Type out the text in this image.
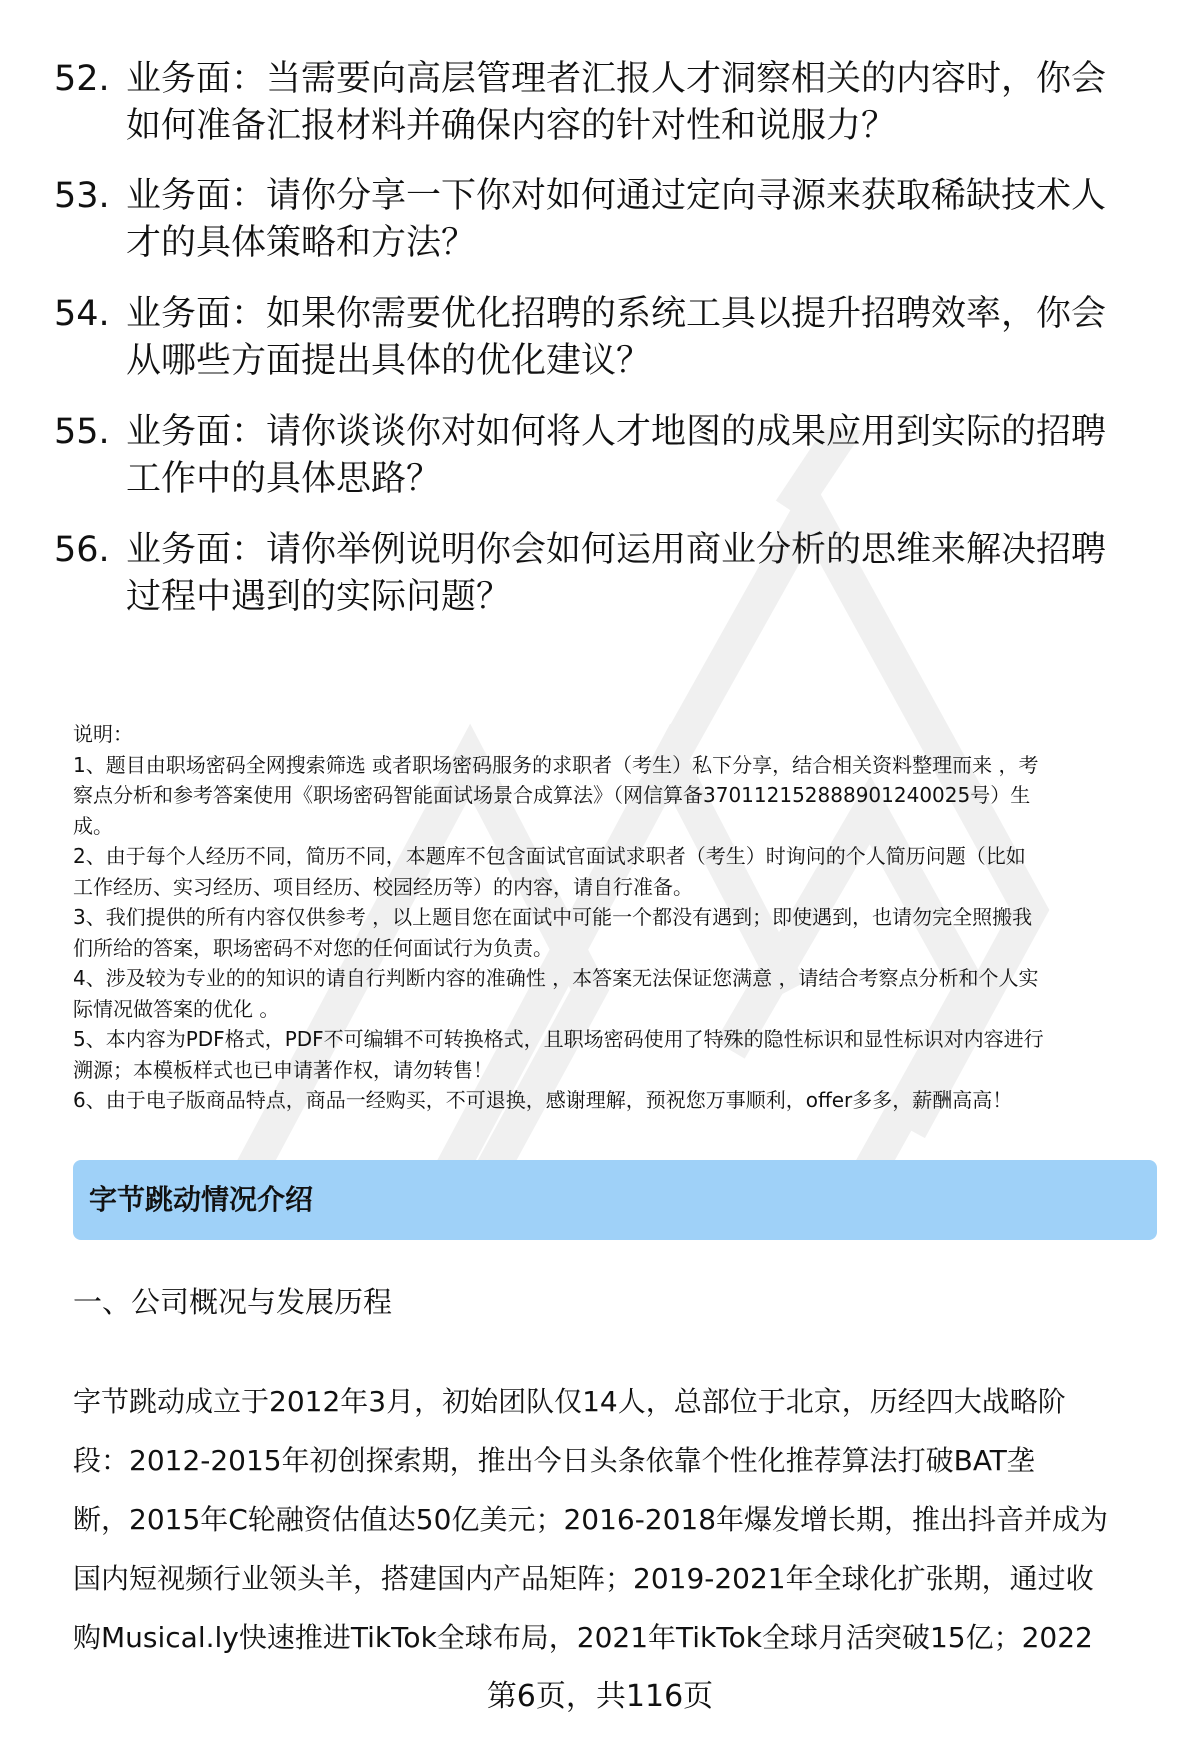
52. 业务面：当需要向高层管理者汇报人才洞察相关的内容时，你会
如何准备汇报材料并确保内容的针对性和说服力？
53. 业务面：请你分享一下你对如何通过定向寻源来获取稀缺技术人
才的具体策略和方法？
54. 业务面：如果你需要优化招聘的系统工具以提升招聘效率，你会
从哪些方面提出具体的优化建议？
55. 业务面：请你谈谈你对如何将人才地图的成果应用到实际的招聘
工作中的具体思路？
56. 业务面：请你举例说明你会如何运用商业分析的思维来解决招聘
过程中遇到的实际问题？

说明：

1、题目由职场密码全网搜索筛选 或者职场密码服务的求职者（考生）私下分享，结合相关资料整理而来 ，考

察点分析和参考答案使用《职场密码智能面试场景合成算法》（网信算备370112152888901240025号）生

成。

2、由于每个人经历不同，简历不同，本题库不包含面试官面试求职者（考生）时询问的个人简历问题（比如

工作经历、实习经历、项目经历、校园经历等）的内容，请自行准备。

3、我们提供的所有内容仅供参考 ，以上题目您在面试中可能一个都没有遇到；即使遇到，也请勿完全照搬我

们所给的答案，职场密码不对您的任何面试行为负责。

4、涉及较为专业的的知识的请自行判断内容的准确性 ，本答案无法保证您满意 ，请结合考察点分析和个人实

际情况做答案的优化 。

5、本内容为PDF格式，PDF不可编辑不可转换格式，且职场密码使用了特殊的隐性标识和显性标识对内容进行

溯源；本模板样式也已申请著作权，请勿转售！

6、由于电子版商品特点，商品一经购买，不可退换，感谢理解，预祝您万事顺利，offer多多，薪酬高高！

字节跳动情况介绍
一、公司概况与发展历程

字节跳动成立于2012年3月，初始团队仅14人，总部位于北京，历经四大战略阶

段：2012-2015年初创探索期，推出今日头条依靠个性化推荐算法打破BAT垄

断，2015年C轮融资估值达50亿美元；2016-2018年爆发增长期，推出抖音并成为

国内短视频行业领头羊，搭建国内产品矩阵；2019-2021年全球化扩张期，通过收

购Musical.ly快速推进TikTok全球布局，2021年TikTok全球月活突破15亿；2022

第6页，共116页
